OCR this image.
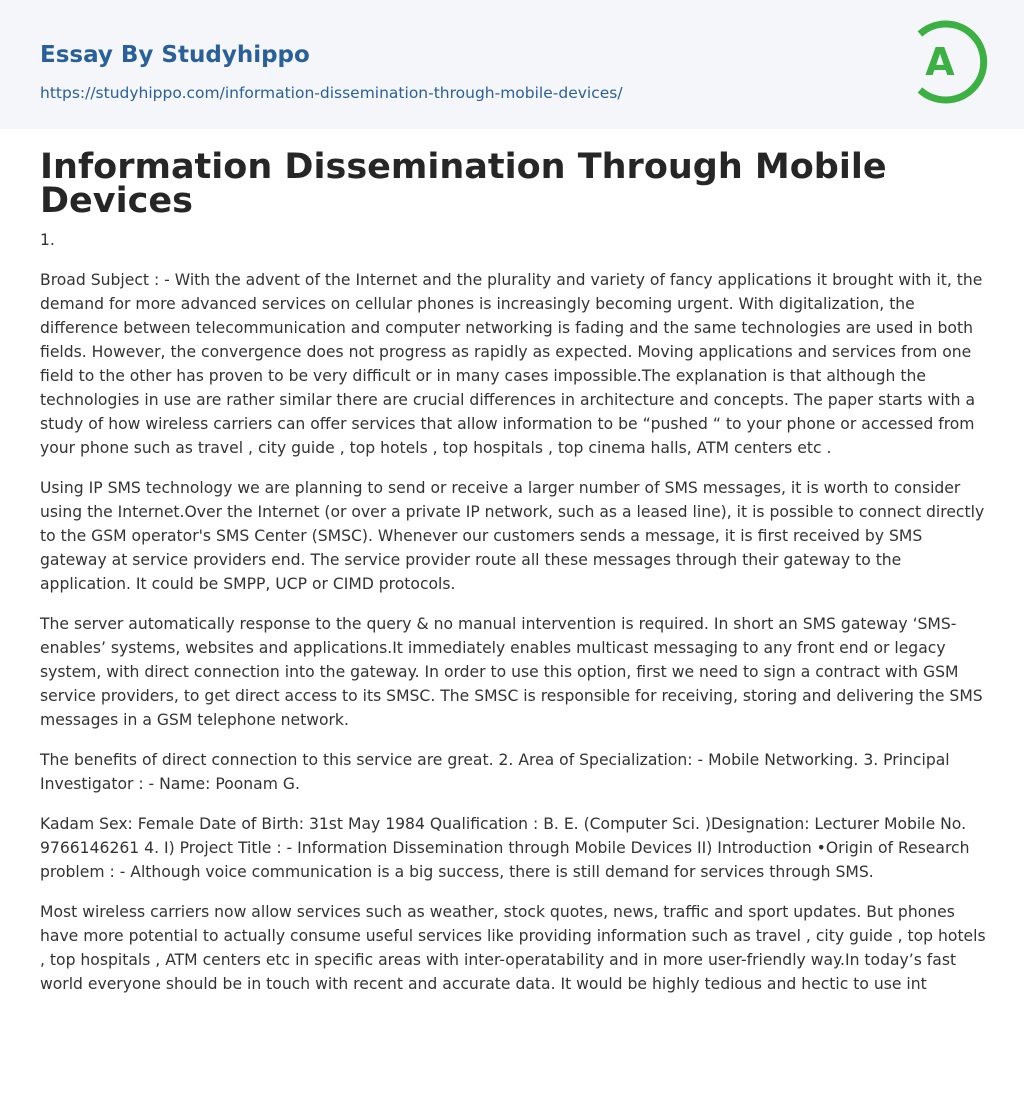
Essay By Studyhippo
https://studyhippo.com/information-dissemination-through-mobile-devices/
A
Information Dissemination Through Mobile Devices

1.

Broad Subject : - With the advent of the Internet and the plurality and variety of fancy applications it brought with it, the demand for more advanced services on cellular phones is increasingly becoming urgent. With digitalization, the difference between telecommunication and computer networking is fading and the same technologies are used in both fields. However, the convergence does not progress as rapidly as expected. Moving applications and services from one field to the other has proven to be very difficult or in many cases impossible.The explanation is that although the technologies in use are rather similar there are crucial differences in architecture and concepts. The paper starts with a study of how wireless carriers can offer services that allow information to be “pushed “ to your phone or accessed from your phone such as travel , city guide , top hotels , top hospitals , top cinema halls, ATM centers etc .

Using IP SMS technology we are planning to send or receive a larger number of SMS messages, it is worth to consider using the Internet.Over the Internet (or over a private IP network, such as a leased line), it is possible to connect directly to the GSM operator's SMS Center (SMSC). Whenever our customers sends a message, it is first received by SMS gateway at service providers end. The service provider route all these messages through their gateway to the application. It could be SMPP, UCP or CIMD protocols.

The server automatically response to the query & no manual intervention is required. In short an SMS gateway ‘SMS-enables’ systems, websites and applications.It immediately enables multicast messaging to any front end or legacy system, with direct connection into the gateway. In order to use this option, first we need to sign a contract with GSM service providers, to get direct access to its SMSC. The SMSC is responsible for receiving, storing and delivering the SMS messages in a GSM telephone network.

The benefits of direct connection to this service are great. 2. Area of Specialization: - Mobile Networking. 3. Principal Investigator : - Name: Poonam G.

Kadam Sex: Female Date of Birth: 31st May 1984 Qualification : B. E. (Computer Sci. )Designation: Lecturer Mobile No. 9766146261 4. I) Project Title : - Information Dissemination through Mobile Devices II) Introduction •Origin of Research problem : - Although voice communication is a big success, there is still demand for services through SMS.

Most wireless carriers now allow services such as weather, stock quotes, news, traffic and sport updates. But phones have more potential to actually consume useful services like providing information such as travel , city guide , top hotels , top hospitals , ATM centers etc in specific areas with inter-operatability and in more user-friendly way.In today’s fast world everyone should be in touch with recent and accurate data. It would be highly tedious and hectic to use int
